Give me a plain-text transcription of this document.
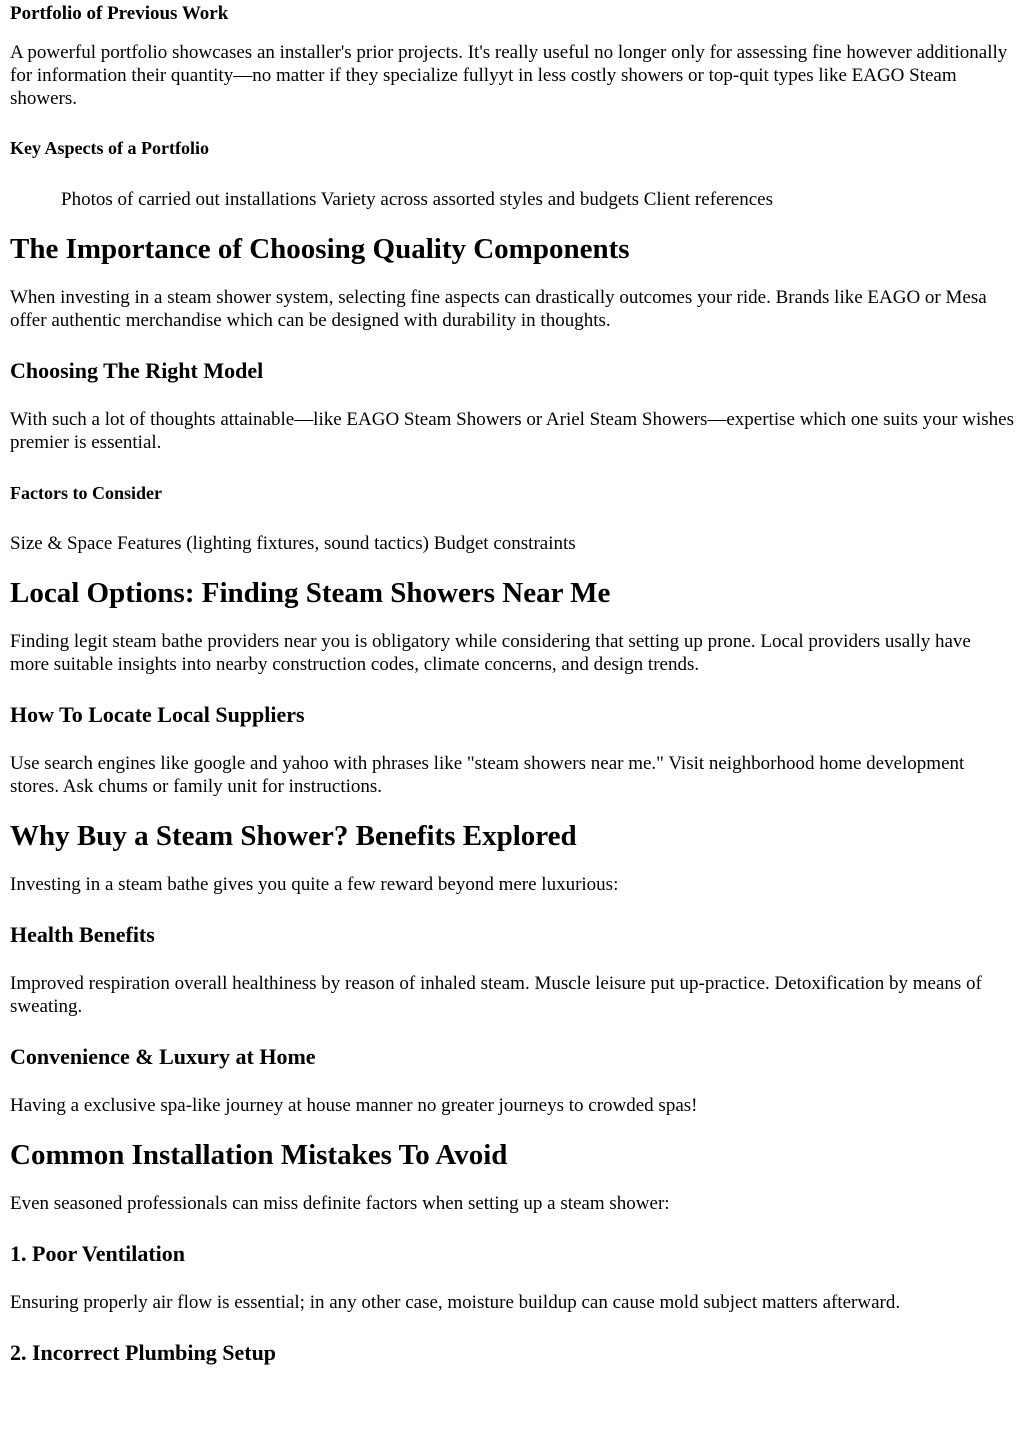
Portfolio of Previous Work

A powerful portfolio showcases an installer's prior projects. It's really useful no longer only for assessing fine however additionally for information their quantity—no matter if they specialize fullyyt in less costly showers or top-quit types like EAGO Steam showers.

Key Aspects of a Portfolio

Photos of carried out installations Variety across assorted styles and budgets Client references

The Importance of Choosing Quality Components

When investing in a steam shower system, selecting fine aspects can drastically outcomes your ride. Brands like EAGO or Mesa offer authentic merchandise which can be designed with durability in thoughts.

Choosing The Right Model

With such a lot of thoughts attainable—like EAGO Steam Showers or Ariel Steam Showers—expertise which one suits your wishes premier is essential.

Factors to Consider

Size & Space Features (lighting fixtures, sound tactics) Budget constraints

Local Options: Finding Steam Showers Near Me

Finding legit steam bathe providers near you is obligatory while considering that setting up prone. Local providers usally have more suitable insights into nearby construction codes, climate concerns, and design trends.

How To Locate Local Suppliers

Use search engines like google and yahoo with phrases like "steam showers near me." Visit neighborhood home development stores. Ask chums or family unit for instructions.

Why Buy a Steam Shower? Benefits Explored

Investing in a steam bathe gives you quite a few reward beyond mere luxurious:

Health Benefits

Improved respiration overall healthiness by reason of inhaled steam. Muscle leisure put up-practice. Detoxification by means of sweating.

Convenience & Luxury at Home

Having a exclusive spa-like journey at house manner no greater journeys to crowded spas!

Common Installation Mistakes To Avoid

Even seasoned professionals can miss definite factors when setting up a steam shower:

1. Poor Ventilation

Ensuring properly air flow is essential; in any other case, moisture buildup can cause mold subject matters afterward.

2. Incorrect Plumbing Setup
